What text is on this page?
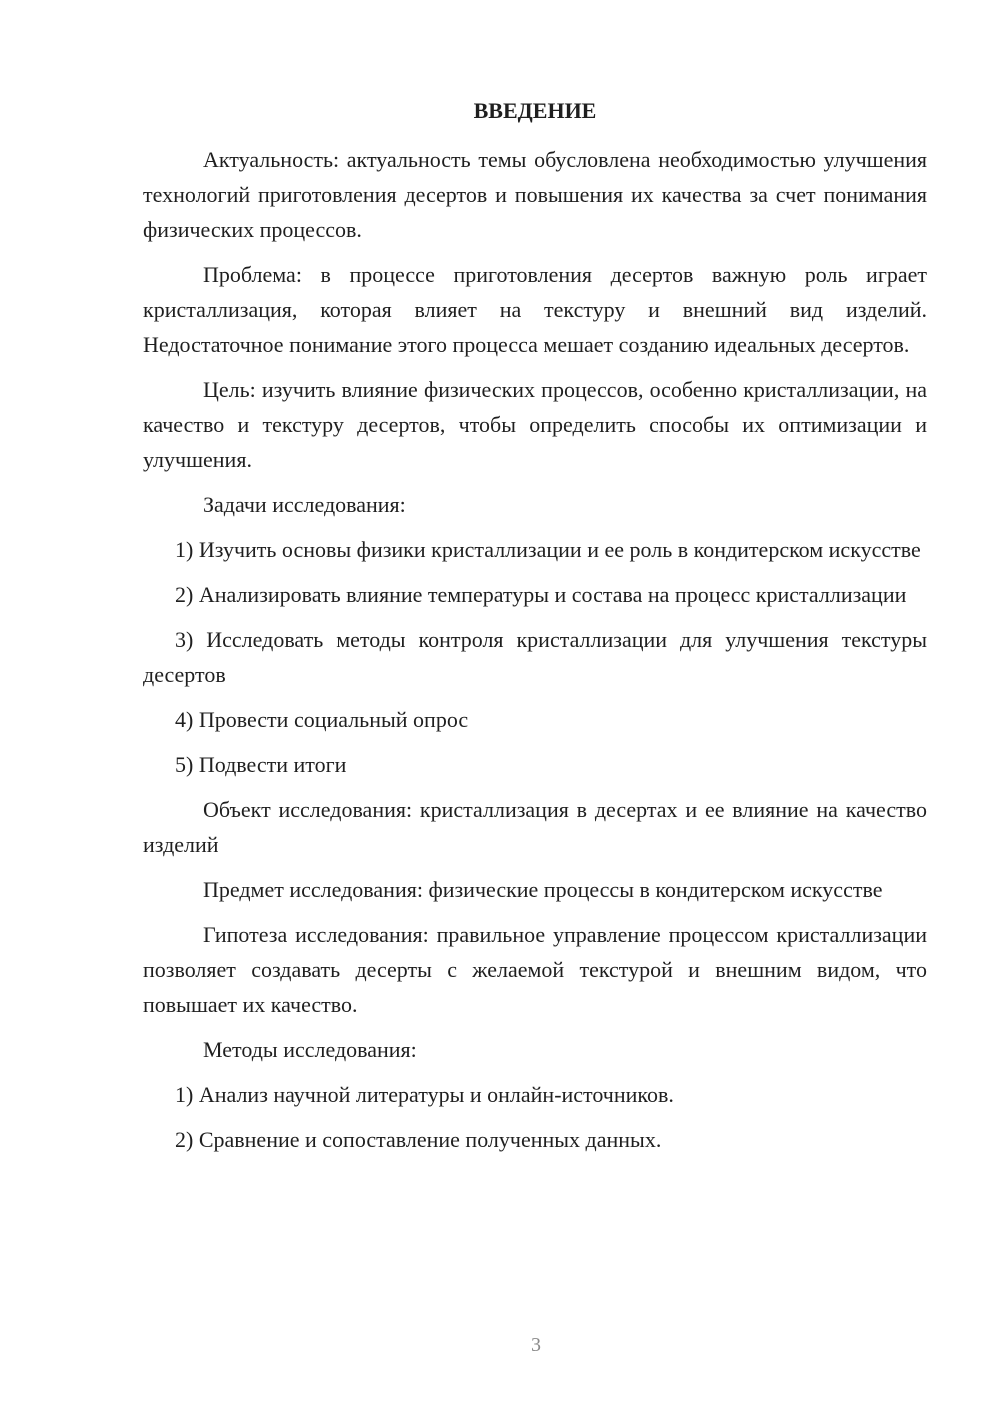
ВВЕДЕНИЕ

Актуальность: актуальность темы обусловлена необходимостью улучшения технологий приготовления десертов и повышения их качества за счет понимания физических процессов.

Проблема: в процессе приготовления десертов важную роль играет кристаллизация, которая влияет на текстуру и внешний вид изделий. Недостаточное понимание этого процесса мешает созданию идеальных десертов.

Цель: изучить влияние физических процессов, особенно кристаллизации, на качество и текстуру десертов, чтобы определить способы их оптимизации и улучшения.

Задачи исследования:

1) Изучить основы физики кристаллизации и ее роль в кондитерском искусстве

2) Анализировать влияние температуры и состава на процесс кристаллизации

3) Исследовать методы контроля кристаллизации для улучшения текстуры десертов

4) Провести социальный опрос

5) Подвести итоги

Объект исследования: кристаллизация в десертах и ее влияние на качество изделий

Предмет исследования: физические процессы в кондитерском искусстве

Гипотеза исследования: правильное управление процессом кристаллизации позволяет создавать десерты с желаемой текстурой и внешним видом, что повышает их качество.

Методы исследования:

1) Анализ научной литературы и онлайн-источников.

2) Сравнение и сопоставление полученных данных.

3
